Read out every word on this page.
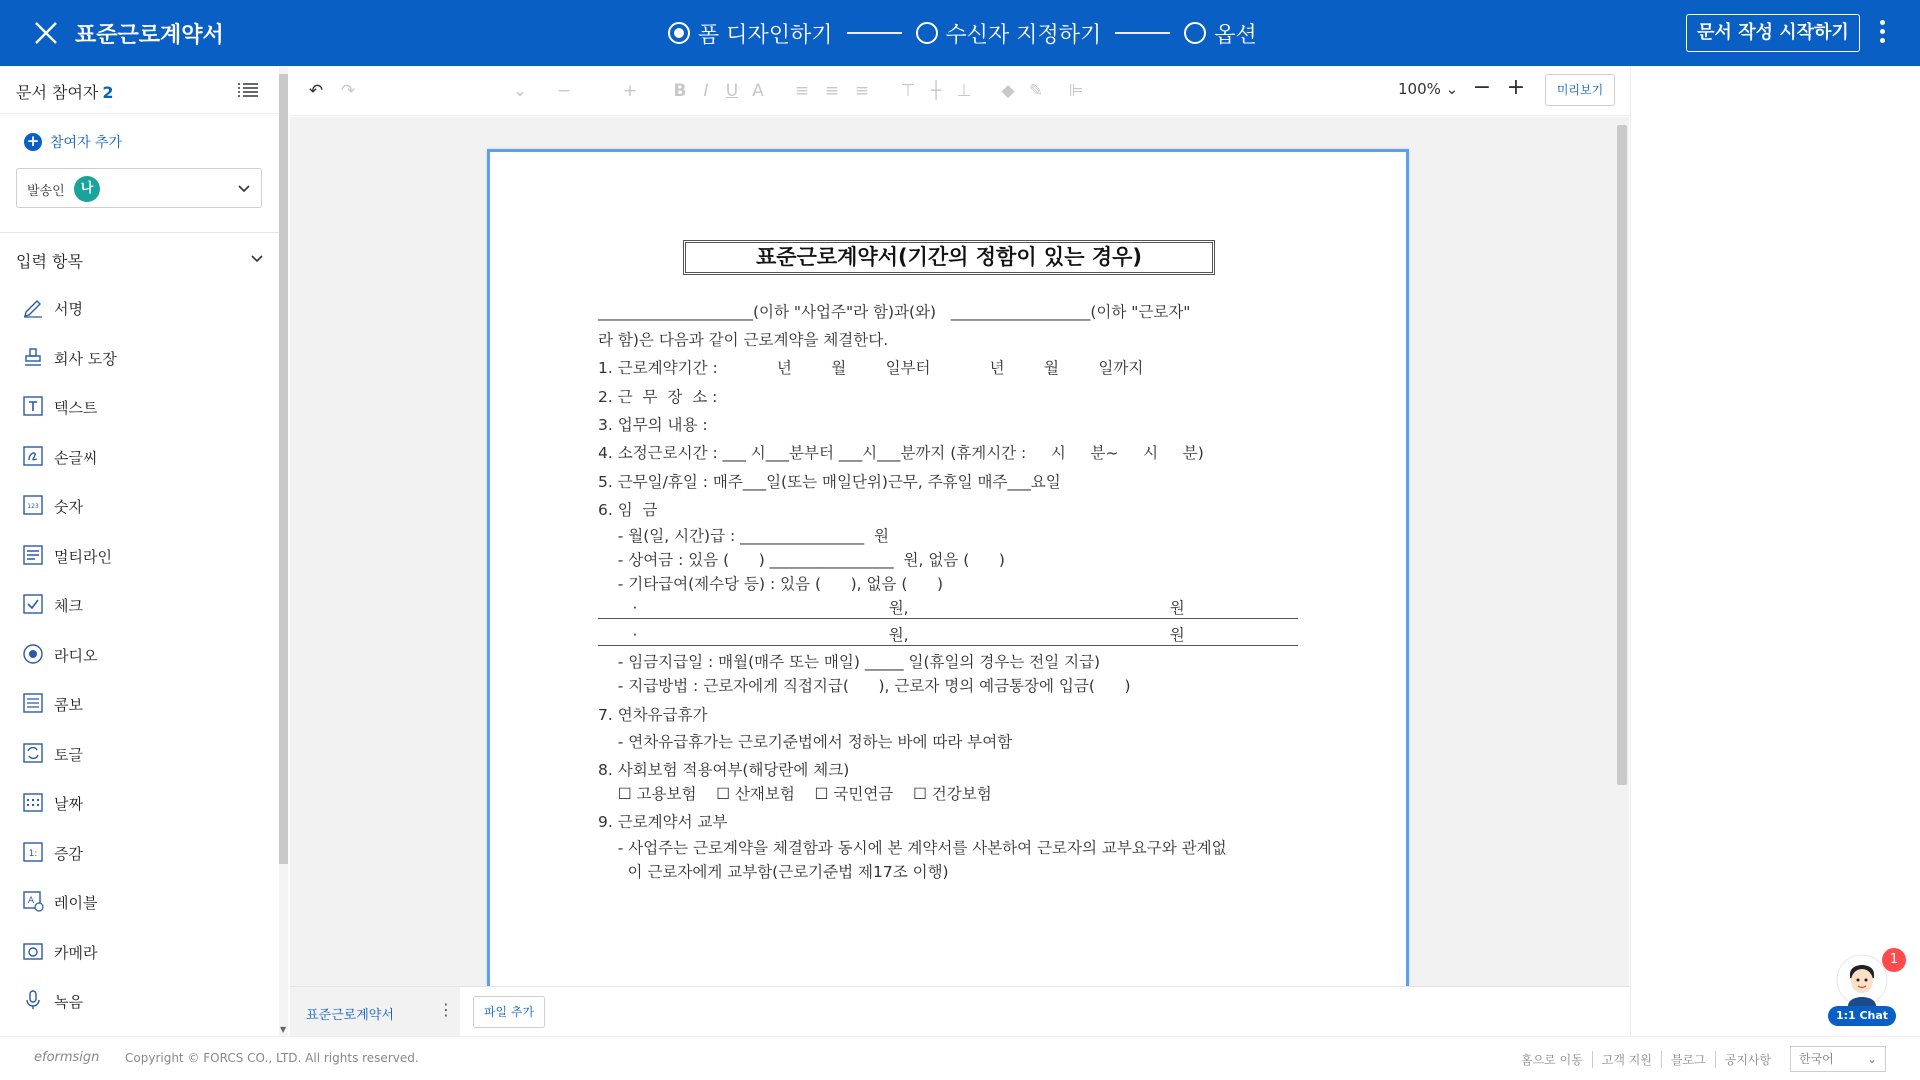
표준근로계약서	폼 디자인하기	수신자 지정하기	옵션	문서 작성 시작하기
문서 참여자 2
+ 참여자 추가
발송인	나
입력 항목
서명
회사 도장
텍스트
손글씨
123 숫자
멀티라인
체크
라디오
콤보
토글
날짜
1: 증감
A 레이블
카메라
녹음
▼
↶ ↷	⌄ −	+	B	I	U A	≡ ≡ ≡ ⊤ ┼ ⊥	◆ ✎ ⊫	100% ⌄ − +	미리보기
표준근로계약서(기간의 정함이 있는 경우)
____________________(이하 "사업주"라 함)과(와)   __________________(이하 "근로자"
라 함)은 다음과 같이 근로계약을 체결한다.
1. 근로계약기간 :            년        월        일부터            년        월        일까지
2. 근  무  장  소 :
3. 업무의 내용 :
4. 소정근로시간 : ___ 시___분부터 ___시___분까지 (휴게시간 :     시     분~     시     분)
5. 근무일/휴일 : 매주___일(또는 매일단위)근무, 주휴일 매주___요일
6. 임  금
- 월(일, 시간)급 : ________________  원
- 상여금 : 있음 (      ) ________________  원, 없음 (      )
- 기타급여(제수당 등) : 있음 (      ), 없음 (      )
·                                                   원,                                                     원
·                                                   원,                                                     원
- 임금지급일 : 매월(매주 또는 매일) _____ 일(휴일의 경우는 전일 지급)
- 지급방법 : 근로자에게 직접지급(      ), 근로자 명의 예금통장에 입금(      )
7. 연차유급휴가
- 연차유급휴가는 근로기준법에서 정하는 바에 따라 부여함
8. 사회보험 적용여부(해당란에 체크)
☐ 고용보험    ☐ 산재보험    ☐ 국민연금    ☐ 건강보험
9. 근로계약서 교부
- 사업주는 근로계약을 체결함과 동시에 본 계약서를 사본하여 근로자의 교부요구와 관계없
이 근로자에게 교부함(근로기준법 제17조 이행)
표준근로계약서	⋮	파일 추가	1:1 Chat
1
eformsign Copyright © FORCS CO., LTD. All rights reserved.	홈으로 이동	고객 지원	블로그	공지사항	한국어	⌄
